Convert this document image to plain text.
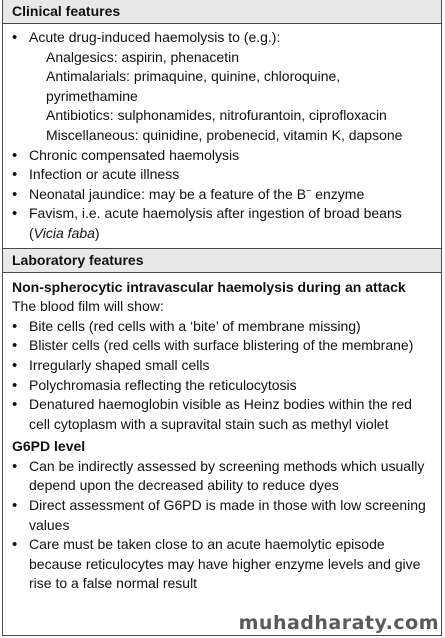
Clinical features
• Acute drug-induced haemolysis to (e.g.):
Analgesics: aspirin, phenacetin
Antimalarials: primaquine, quinine, chloroquine,
pyrimethamine
Antibiotics: sulphonamides, nitrofurantoin, ciprofloxacin
Miscellaneous: quinidine, probenecid, vitamin K, dapsone
• Chronic compensated haemolysis
• Infection or acute illness
• Neonatal jaundice: may be a feature of the B− enzyme
• Favism, i.e. acute haemolysis after ingestion of broad beans (Vicia faba)
Laboratory features
Non-spherocytic intravascular haemolysis during an attack
The blood film will show:
• Bite cells (red cells with a ‘bite’ of membrane missing)
• Blister cells (red cells with surface blistering of the membrane)
• Irregularly shaped small cells
• Polychromasia reflecting the reticulocytosis
• Denatured haemoglobin visible as Heinz bodies within the red cell cytoplasm with a supravital stain such as methyl violet
G6PD level
• Can be indirectly assessed by screening methods which usually depend upon the decreased ability to reduce dyes
• Direct assessment of G6PD is made in those with low screening values
• Care must be taken close to an acute haemolytic episode because reticulocytes may have higher enzyme levels and give rise to a false normal result
muhadharaty.com
